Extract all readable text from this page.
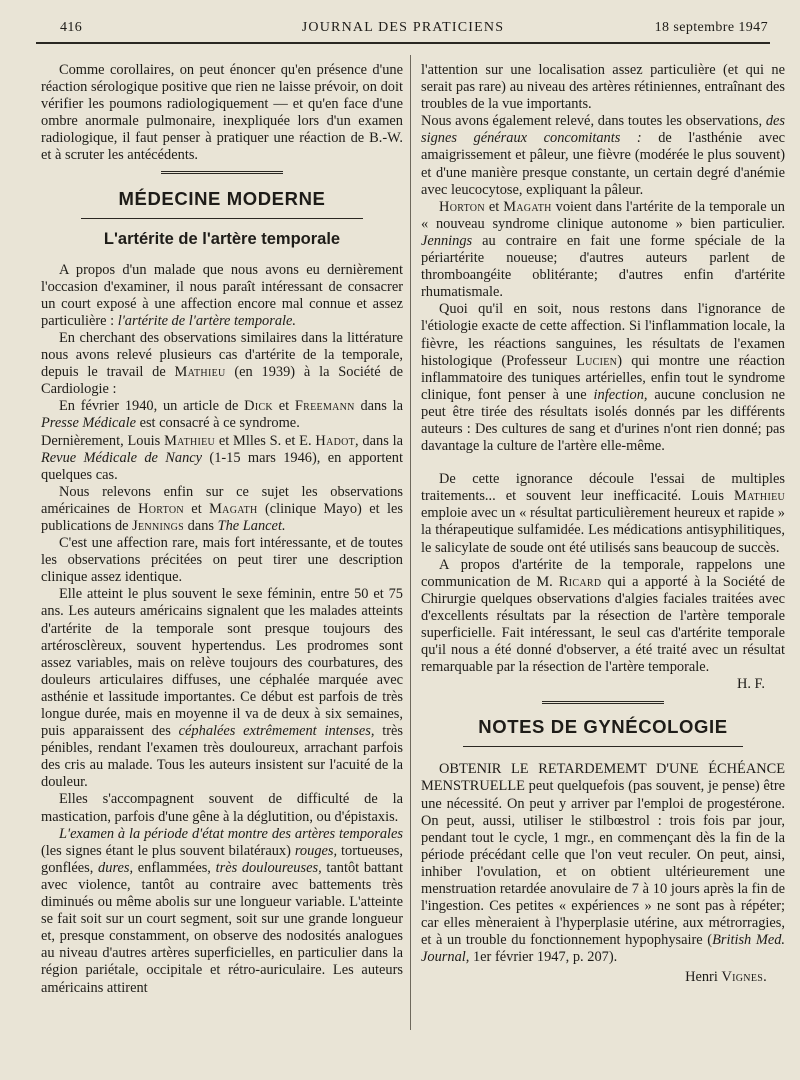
416	JOURNAL DES PRATICIENS	18 septembre 1947

Comme corollaires, on peut énoncer qu'en présence d'une réaction sérologique positive que rien ne laisse prévoir, on doit vérifier les poumons radiologiquement — et qu'en face d'une ombre anormale pulmonaire, inexpliquée lors d'un examen radiologique, il faut penser à pratiquer une réaction de B.-W. et à scruter les antécédents.

MÉDECINE MODERNE
L'artérite de l'artère temporale

A propos d'un malade que nous avons eu dernièrement l'occasion d'examiner, il nous paraît intéressant de consacrer un court exposé à une affection encore mal connue et assez particulière : l'artérite de l'artère temporale.

En cherchant des observations similaires dans la littérature nous avons relevé plusieurs cas d'artérite de la temporale, depuis le travail de Mathieu (en 1939) à la Société de Cardiologie :

En février 1940, un article de Dick et Freemann dans la Presse Médicale est consacré à ce syndrome.

Dernièrement, Louis Mathieu et Mlles S. et E. Hadot, dans la Revue Médicale de Nancy (1-15 mars 1946), en apportent quelques cas.

Nous relevons enfin sur ce sujet les observations américaines de Horton et Magath (clinique Mayo) et les publications de Jennings dans The Lancet.

C'est une affection rare, mais fort intéressante, et de toutes les observations précitées on peut tirer une description clinique assez identique.

Elle atteint le plus souvent le sexe féminin, entre 50 et 75 ans. Les auteurs américains signalent que les malades atteints d'artérite de la temporale sont presque toujours des artérosclèreux, souvent hypertendus. Les prodromes sont assez variables, mais on relève toujours des courbatures, des douleurs articulaires diffuses, une céphalée marquée avec asthénie et lassitude importantes. Ce début est parfois de très longue durée, mais en moyenne il va de deux à six semaines, puis apparaissent des céphalées extrêmement intenses, très pénibles, rendant l'examen très douloureux, arrachant parfois des cris au malade. Tous les auteurs insistent sur l'acuité de la douleur.

Elles s'accompagnent souvent de difficulté de la mastication, parfois d'une gêne à la déglutition, ou d'épistaxis.

L'examen à la période d'état montre des artères temporales (les signes étant le plus souvent bilatéraux) rouges, tortueuses, gonflées, dures, enflammées, très douloureuses, tantôt battant avec violence, tantôt au contraire avec battements très diminués ou même abolis sur une longueur variable. L'atteinte se fait soit sur un court segment, soit sur une grande longueur et, presque constamment, on observe des nodosités analogues au niveau d'autres artères superficielles, en particulier dans la région pariétale, occipitale et rétro-auriculaire. Les auteurs américains attirent

l'attention sur une localisation assez particulière (et qui ne serait pas rare) au niveau des artères rétiniennes, entraînant des troubles de la vue importants.

Nous avons également relevé, dans toutes les observations, des signes généraux concomitants : de l'asthénie avec amaigrissement et pâleur, une fièvre (modérée le plus souvent) et d'une manière presque constante, un certain degré d'anémie avec leucocytose, expliquant la pâleur.

Horton et Magath voient dans l'artérite de la temporale un « nouveau syndrome clinique autonome » bien particulier. Jennings au contraire en fait une forme spéciale de la périartérite noueuse; d'autres auteurs parlent de thromboangéite oblitérante; d'autres enfin d'artérite rhumatismale.

Quoi qu'il en soit, nous restons dans l'ignorance de l'étiologie exacte de cette affection. Si l'inflammation locale, la fièvre, les réactions sanguines, les résultats de l'examen histologique (Professeur Lucien) qui montre une réaction inflammatoire des tuniques artérielles, enfin tout le syndrome clinique, font penser à une infection, aucune conclusion ne peut être tirée des résultats isolés donnés par les différents auteurs : Des cultures de sang et d'urines n'ont rien donné; pas davantage la culture de l'artère elle-même.

De cette ignorance découle l'essai de multiples traitements... et souvent leur inefficacité. Louis Mathieu emploie avec un « résultat particulièrement heureux et rapide » la thérapeutique sulfamidée. Les médications antisyphilitiques, le salicylate de soude ont été utilisés sans beaucoup de succès.

A propos d'artérite de la temporale, rappelons une communication de M. Ricard qui a apporté à la Société de Chirurgie quelques observations d'algies faciales traitées avec d'excellents résultats par la résection de l'artère temporale superficielle. Fait intéressant, le seul cas d'artérite temporale qu'il nous a été donné d'observer, a été traité avec un résultat remarquable par la résection de l'artère temporale.

H. F.
NOTES DE GYNÉCOLOGIE

OBTENIR LE RETARDEMEMT D'UNE ÉCHÉANCE MENSTRUELLE peut quelquefois (pas souvent, je pense) être une nécessité. On peut y arriver par l'emploi de progestérone. On peut, aussi, utiliser le stilbœstrol : trois fois par jour, pendant tout le cycle, 1 mgr., en commençant dès la fin de la période précédant celle que l'on veut reculer. On peut, ainsi, inhiber l'ovulation, et on obtient ultérieurement une menstruation retardée anovulaire de 7 à 10 jours après la fin de l'ingestion. Ces petites « expériences » ne sont pas à répéter; car elles mèneraient à l'hyperplasie utérine, aux métrorragies, et à un trouble du fonctionnement hypophysaire (British Med. Journal, 1er février 1947, p. 207).

Henri Vignes.
